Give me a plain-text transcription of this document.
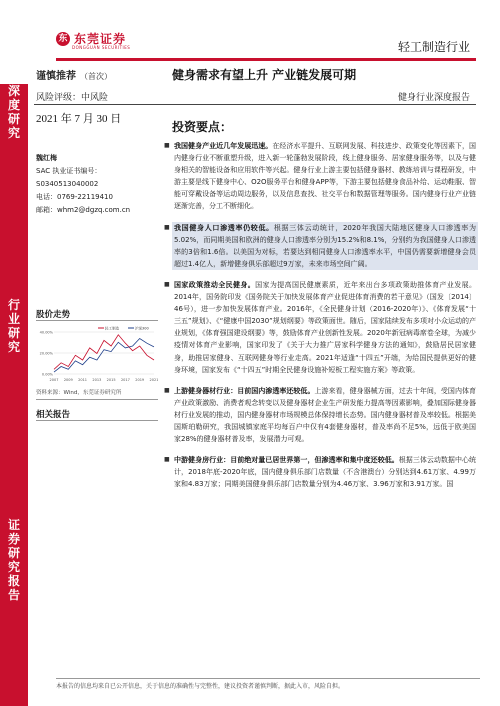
东 东莞证券
DONGGUAN SECURITIES	轻工制造行业
深度研究
行业研究
证券研究报告
谨慎推荐 （首次）	健身需求有望上升 产业链发展可期
风险评级：中风险	健身行业深度报告
2021 年 7 月 30 日
投资要点：
魏红梅
SAC 执业证书编号：
S0340513040002
电话：0769-22119410
邮箱：whm2@dgzq.com.cn
股价走势
0.00%
20.00%
40.00%
2007 2009 2011 2013 2015 2017 2019 2021
轻工制造	沪深300
资料来源：Wind，东莞证券研究所
相关报告
■ 我国健身产业近几年发展迅速。在经济水平提升、互联网发展、科技进步、政策变化等因素下，国内健身行业不断重塑升级，进入新一轮蓬勃发展阶段，线上健身服务、居家健身服务等，以及与健身相关的智能设备和应用软件等兴起。健身行业上游主要包括健身器材、教练培训与课程研发，中游主要是线下健身中心、O2O服务平台和健身APP等，下游主要包括健身食品补给、运动鞋服、智能可穿戴设备等运动周边服务，以及信息查找、社交平台和数据管理等服务。国内健身行业产业链逐渐完善，分工不断细化。
■ 我国健身人口渗透率仍较低。根据三体云动统计，2020年我国大陆地区健身人口渗透率为5.02%，而同期美国和欧洲的健身人口渗透率分别为15.2%和8.1%，分别约为我国健身人口渗透率的3倍和1.6倍。以美国为对标，若要达到相同健身人口渗透率水平，中国仍需要新增健身会员超过1.4亿人，新增健身俱乐部超过9万家，未来市场空间广阔。
■ 国家政策推动全民健身。国家为提高国民健康素质，近年来出台多项政策助推体育产业发展。2014年，国务院印发《国务院关于加快发展体育产业促进体育消费的若干意见》（国发〔2014〕46号），进一步加快发展体育产业。2016年，《全民健身计划（2016-2020年）》、《体育发展“十三五”规划》、《“健康中国2030”规划纲要》等政策面世。随后，国家陆续发布多项对小众运动的产业规划，《体育强国建设纲要》等，鼓励体育产业创新性发展。2020年新冠病毒席卷全球，为减少疫情对体育产业影响，国家印发了《关于大力推广居家科学健身方法的通知》，鼓励居民居家健身，助推居家健身、互联网健身等行业走高。2021年适逢“十四五”开端，为给国民提供更好的健身环境，国家发布《“十四五”时期全民健身设施补短板工程实施方案》等政策。
■ 上游健身器材行业：目前国内渗透率还较低。上游来看，健身器械方面，过去十年间，受国内体育产业政策激励、消费者观念转变以及健身器材企业生产研发能力提高等因素影响，叠加国际健身器材行业发展的推动，国内健身器材市场规模总体保持增长态势。国内健身器材普及率较低。根据美国斯珀勒研究，我国城镇家庭平均每百户中仅有4套健身器材，普及率尚不足5%，远低于欧美国家28%的健身器材普及率，发展潜力可观。
■ 中游健身房行业：目前绝对量已居世界第一，但渗透率和集中度还较低。根据三体云动数据中心统计，2018年底-2020年底，国内健身俱乐部门店数量（不含港澳台）分别达到4.61万家、4.99万家和4.83万家；同期美国健身俱乐部门店数量分别为4.46万家、3.96万家和3.91万家。国
本报告的信息均来自已公开信息，关于信息的准确性与完整性，建议投资者谨慎判断，据此入市，风险自担。
